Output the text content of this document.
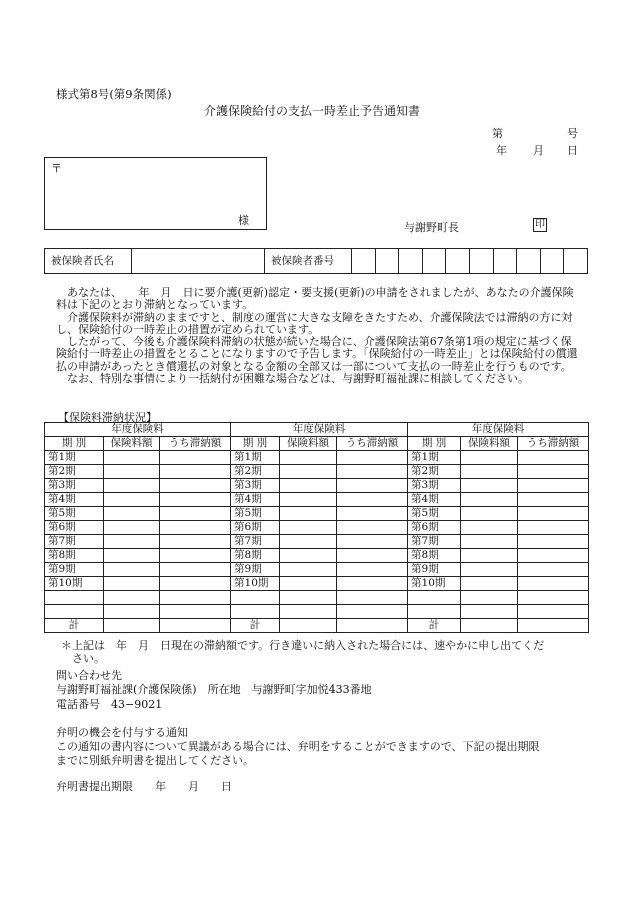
様式第8号(第9条関係)
介護保険給付の支払一時差止予告通知書
第	号
年 月 日
〒
様
与謝野町長	印
被保険者氏名		被保険者番号										

あなたは、　　年　月　日に要介護(更新)認定・要支援(更新)の申請をされましたが、あなたの介護保険料は下記のとおり滞納となっています。

介護保険料が滞納のままですと、制度の運営に大きな支障をきたすため、介護保険法では滞納の方に対し、保険給付の一時差止の措置が定められています。

したがって、今後も介護保険料滞納の状態が続いた場合に、介護保険法第67条第1項の規定に基づく保険給付一時差止の措置をとることになりますので予告します。「保険給付の一時差止」とは保険給付の償還払の申請があったとき償還払の対象となる金額の全部又は一部について支払の一時差止を行うものです。

なお、特別な事情により一括納付が困難な場合などは、与謝野町福祉課に相談してください。

【保険料滞納状況】
年度保険料			年度保険料			年度保険料		
期 別	保険料額	うち滞納額	期 別	保険料額	うち滞納額	期 別	保険料額	うち滞納額
第1期			第1期			第1期		
第2期			第2期			第2期		
第3期			第3期			第3期		
第4期			第4期			第4期		
第5期			第5期			第5期		
第6期			第6期			第6期		
第7期			第7期			第7期		
第8期			第8期			第8期		
第9期			第9期			第9期		
第10期			第10期			第10期		

計			計			計		
＊上記は　年　月　日現在の滞納額です。行き違いに納入された場合には、速やかに申し出てくだ
さい。
問い合わせ先
与謝野町福祉課(介護保険係)　所在地　与謝野町字加悦433番地
電話番号　43−9021
弁明の機会を付与する通知
この通知の書内容について異議がある場合には、弁明をすることができますので、下記の提出期限
までに別紙弁明書を提出してください。
弁明書提出期限　　年　　月　　日
